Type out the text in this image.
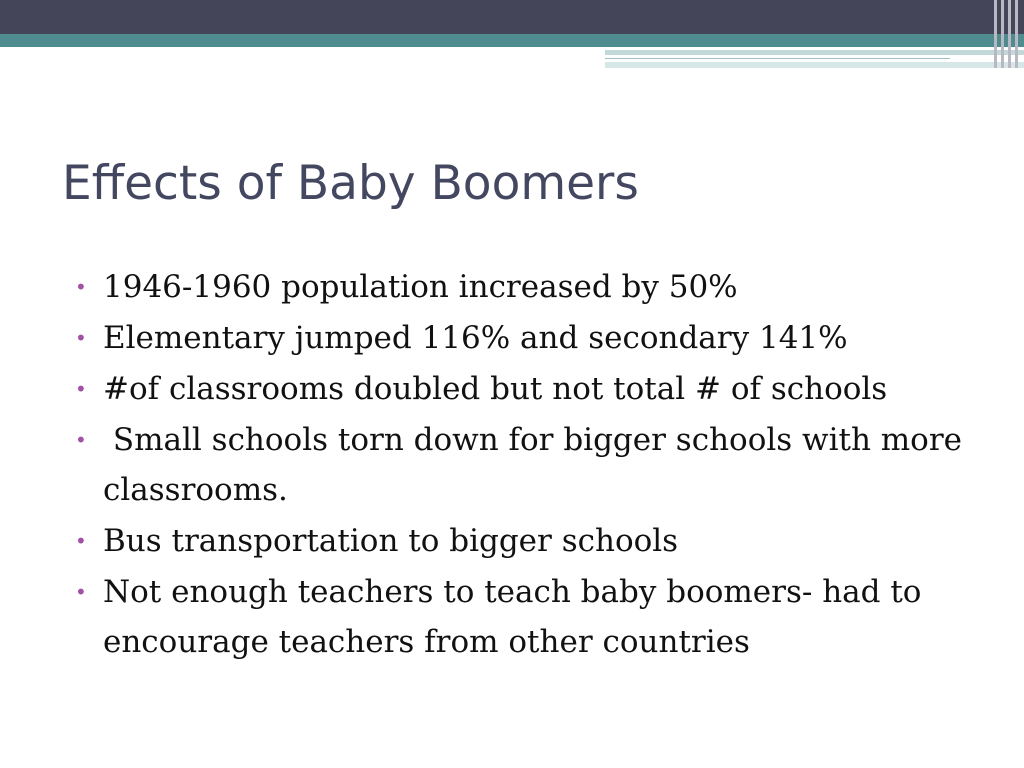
Effects of Baby Boomers
• 1946-1960 population increased by 50%
• Elementary jumped 116% and secondary 141%
• #of classrooms doubled but not total # of schools
• Small schools torn down for bigger schools with more classrooms.
• Bus transportation to bigger schools
• Not enough teachers to teach baby boomers- had to encourage teachers from other countries
